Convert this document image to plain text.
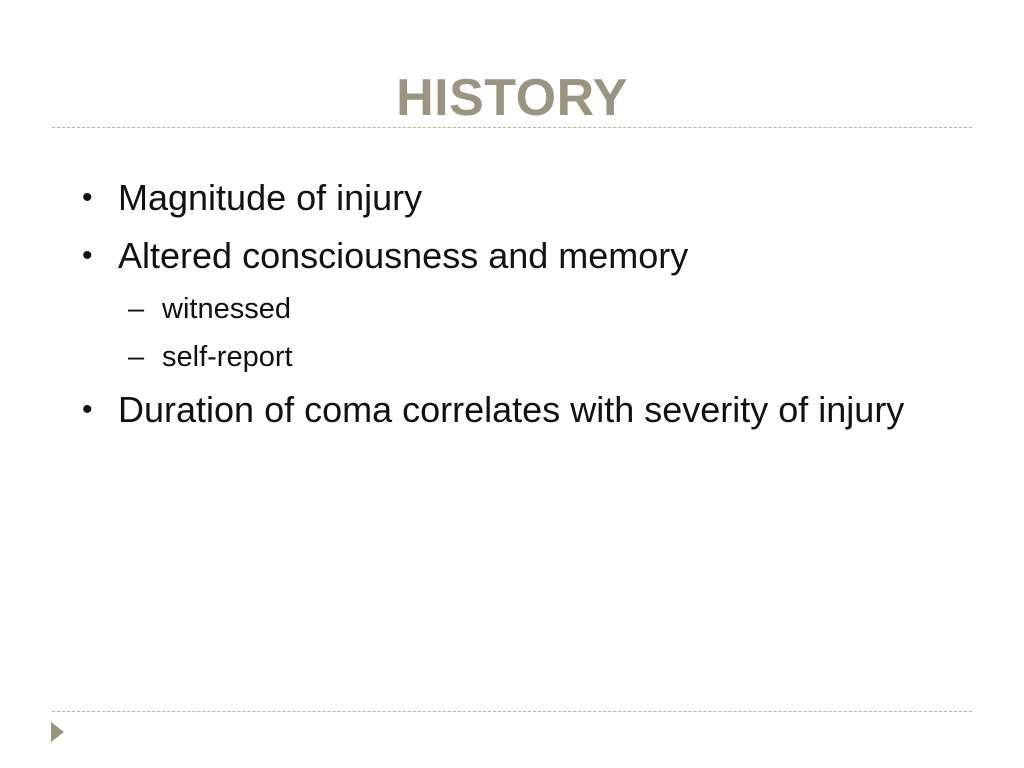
HISTORY
• Magnitude of injury
• Altered consciousness and memory
– witnessed
– self-report
• Duration of coma correlates with severity of injury
